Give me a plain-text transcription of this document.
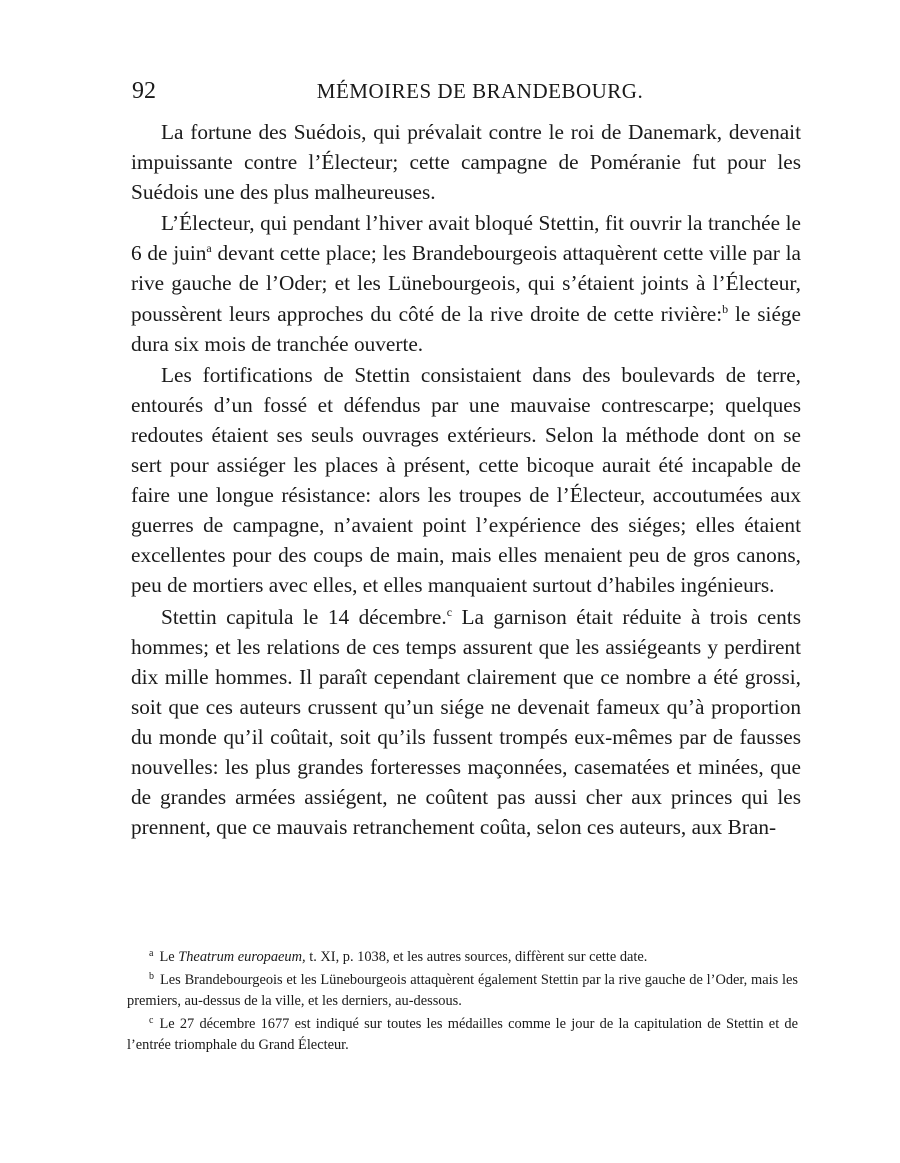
92	MÉMOIRES DE BRANDEBOURG.

La fortune des Suédois, qui prévalait contre le roi de Danemark, devenait impuissante contre l’Électeur; cette campagne de Poméranie fut pour les Suédois une des plus malheureuses.

L’Électeur, qui pendant l’hiver avait bloqué Stettin, fit ouvrir la tranchée le 6 de juin$^a$ devant cette place; les Brandebourgeois attaquèrent cette ville par la rive gauche de l’Oder; et les Lünebourgeois, qui s’étaient joints à l’Électeur, poussèrent leurs approches du côté de la rive droite de cette rivière:$^b$ le siége dura six mois de tranchée ouverte.

Les fortifications de Stettin consistaient dans des boulevards de terre, entourés d’un fossé et défendus par une mauvaise contrescarpe; quelques redoutes étaient ses seuls ouvrages extérieurs. Selon la méthode dont on se sert pour assiéger les places à présent, cette bicoque aurait été incapable de faire une longue résistance: alors les troupes de l’Électeur, accoutumées aux guerres de campagne, n’avaient point l’expérience des siéges; elles étaient excellentes pour des coups de main, mais elles menaient peu de gros canons, peu de mortiers avec elles, et elles manquaient surtout d’habiles ingénieurs.

Stettin capitula le 14 décembre.$^c$ La garnison était réduite à trois cents hommes; et les relations de ces temps assurent que les assiégeants y perdirent dix mille hommes. Il paraît cependant clairement que ce nombre a été grossi, soit que ces auteurs crussent qu’un siége ne devenait fameux qu’à proportion du monde qu’il coûtait, soit qu’ils fussent trompés eux-mêmes par de fausses nouvelles: les plus grandes forteresses maçonnées, casematées et minées, que de grandes armées assiégent, ne coûtent pas aussi cher aux princes qui les prennent, que ce mauvais retranchement coûta, selon ces auteurs, aux Bran-

$^a$ Le Theatrum europaeum, t. XI, p. 1038, et les autres sources, diffèrent sur cette date.

$^b$ Les Brandebourgeois et les Lünebourgeois attaquèrent également Stettin par la rive gauche de l’Oder, mais les premiers, au-dessus de la ville, et les derniers, au-dessous.

$^c$ Le 27 décembre 1677 est indiqué sur toutes les médailles comme le jour de la capitulation de Stettin et de l’entrée triomphale du Grand Électeur.
